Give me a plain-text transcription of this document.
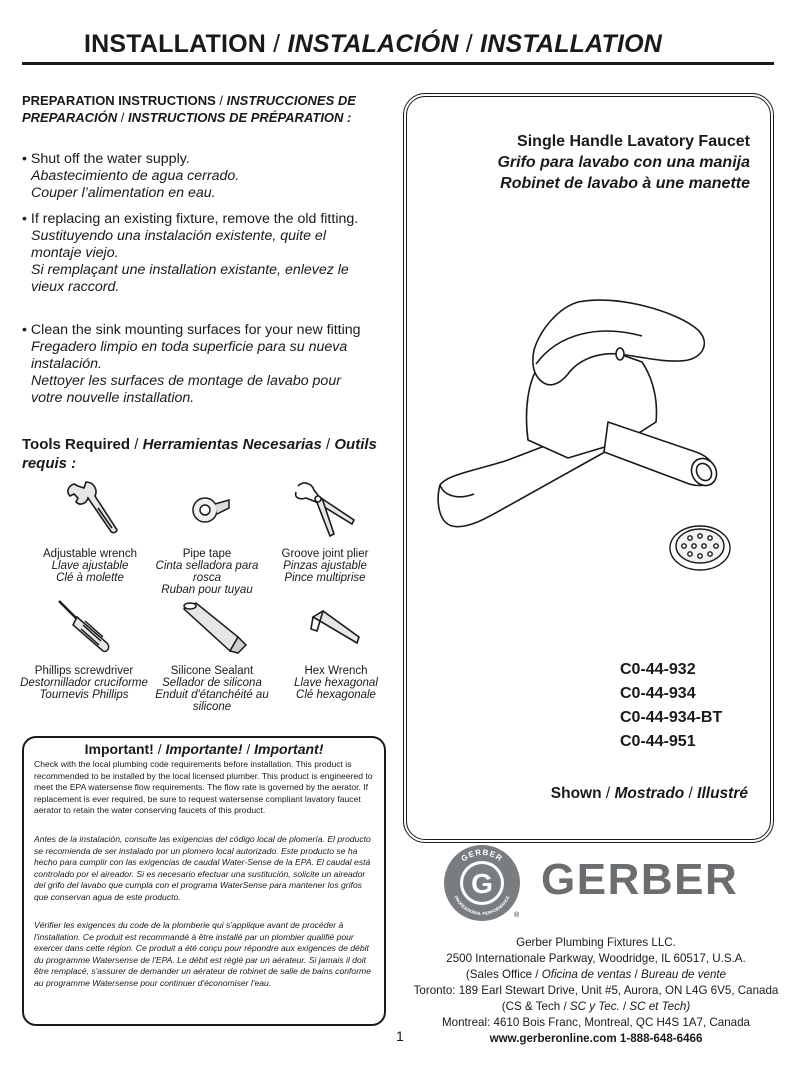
INSTALLATION / INSTALACIÓN / INSTALLATION
PREPARATION INSTRUCTIONS / INSTRUCCIONES DE PREPARACIÓN / INSTRUCTIONS DE PRÉPARATION :
• Shut off the water supply.
Abastecimiento de agua cerrado.
Couper l’alimentation en eau.
• If replacing an existing fixture, remove the old fitting.
Sustituyendo una instalación existente, quite el montaje viejo.
Si remplaçant une installation existante, enlevez le vieux raccord.
• Clean the sink mounting surfaces for your new fitting
Fregadero limpio en toda superficie para su nueva instalación.
Nettoyer les surfaces de montage de lavabo pour votre nouvelle installation.
Tools Required / Herramientas Necesarias / Outils requis :
Adjustable wrench
Llave ajustable
Clé à molette
Pipe tape
Cinta selladora para rosca
Ruban pour tuyau
Groove joint plier
Pinzas ajustable
Pince multiprise
Phillips screwdriver
Destornillador cruciforme
Tournevis Phillips
Silicone Sealant
Sellador de silicona
Enduit d'étanchéité au silicone
Hex Wrench
Llave hexagonal
Clé hexagonale
Important! / Importante! / Important!
Check with the local plumbing code requirements before installation. This product is recommended to be installed by the local licensed plumber. This product is engineered to meet the EPA watersense flow requirements. The flow rate is governed by the aerator. If replacement is ever required, be sure to request watersense compliant lavatory faucet aerator to retain the water conserving faucets of this product.
Antes de la instalación, consulte las exigencias del código local de plomería. El producto se recomienda de ser instalado por un plomero local autorizado. Este producto se ha hecho para cumplir con las exigencias de caudal Water-Sense de la EPA. El caudal está controlado por el aireador. Si es necesario efectuar una sustitución, solicite un aireador del grifo del lavabo que cumpla con el programa WaterSense para mantener los grifos que conservan agua de este producto.
Vérifier les exigences du code de la plomberie qui s'applique avant de procéder à l'installation. Ce produit est recommandé à être installé par un plombier qualifié pour exercer dans cette région. Ce produit a été conçu pour répondre aux exigences de débit du programme Watersense de l'EPA. Le débit est réglé par un aérateur. Si jamais il doit être remplacé, s'assurer de demander un aérateur de robinet de salle de bains conforme au programme Watersense pour continuer d'économiser l'eau.
Single Handle Lavatory Faucet
Grifo para lavabo con una manija
Robinet de lavabo à une manette
C0-44-932
C0-44-934
C0-44-934-BT
C0-44-951
Shown / Mostrado / Illustré
G
GERBER
PROFESSIONAL PERFORMANCE
®
GERBER
Gerber Plumbing Fixtures LLC.
2500 Internationale Parkway, Woodridge, IL 60517, U.S.A.
(Sales Office / Oficina de ventas / Bureau de vente
Toronto: 189 Earl Stewart Drive, Unit #5, Aurora, ON L4G 6V5, Canada
(CS & Tech / SC y Tec. / SC et Tech)
Montreal: 4610 Bois Franc, Montreal, QC H4S 1A7, Canada
www.gerberonline.com 1-888-648-6466
1
